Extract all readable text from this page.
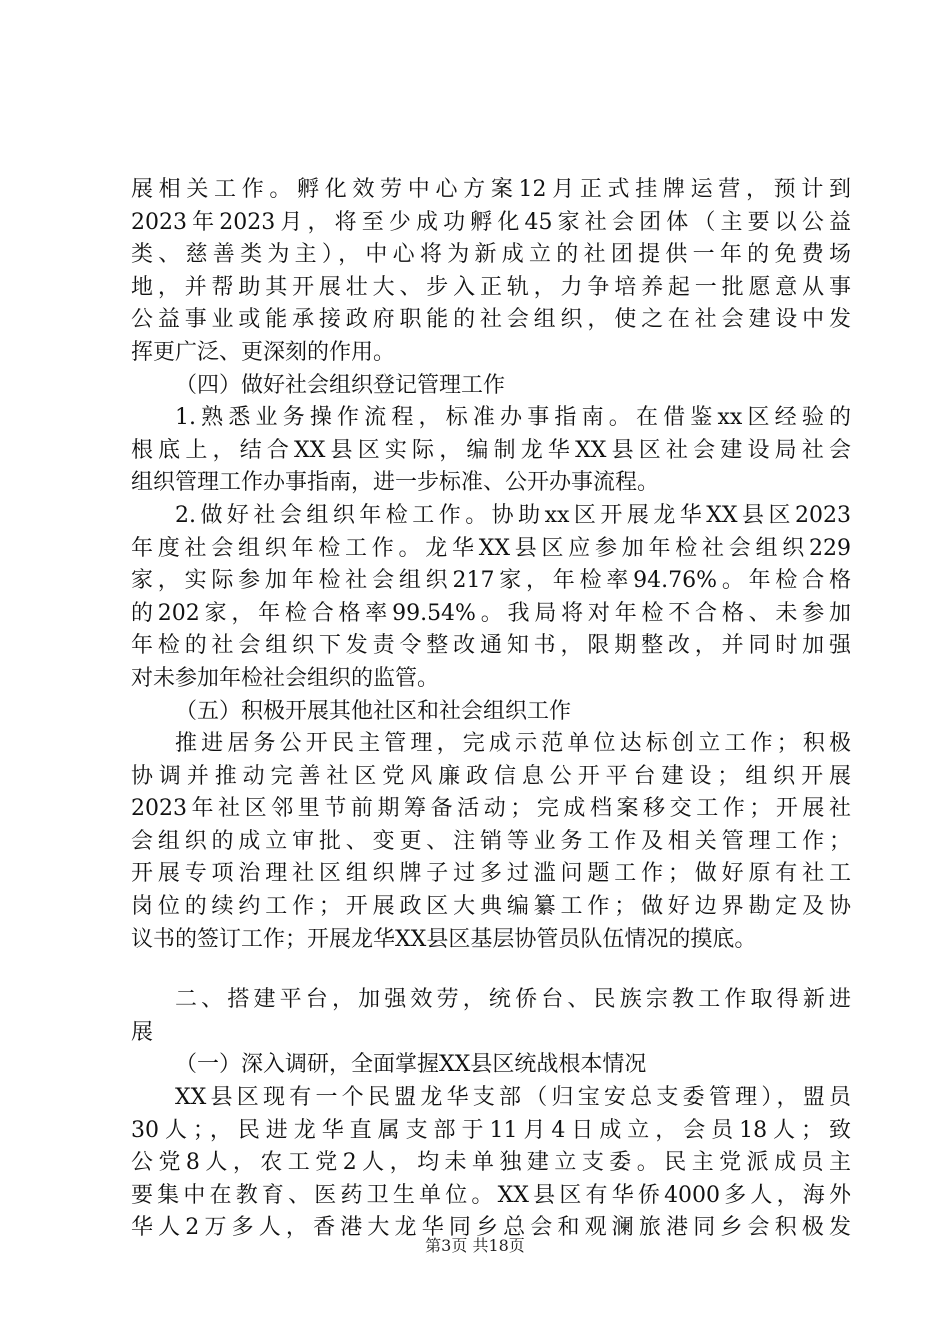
展相关工作。孵化效劳中心方案12月正式挂牌运营，预计到
2023年2023月，将至少成功孵化45家社会团体（主要以公益
类、慈善类为主），中心将为新成立的社团提供一年的免费场
地，并帮助其开展壮大、步入正轨，力争培养起一批愿意从事
公益事业或能承接政府职能的社会组织，使之在社会建设中发
挥更广泛、更深刻的作用。
（四）做好社会组织登记管理工作
1.熟悉业务操作流程，标准办事指南。在借鉴xx区经验的
根底上，结合XX县区实际，编制龙华XX县区社会建设局社会
组织管理工作办事指南，进一步标准、公开办事流程。
2.做好社会组织年检工作。协助xx区开展龙华XX县区2023
年度社会组织年检工作。龙华XX县区应参加年检社会组织229
家，实际参加年检社会组织217家，年检率94.76%。年检合格
的202家，年检合格率99.54%。我局将对年检不合格、未参加
年检的社会组织下发责令整改通知书，限期整改，并同时加强
对未参加年检社会组织的监管。
（五）积极开展其他社区和社会组织工作
推进居务公开民主管理，完成示范单位达标创立工作；积极
协调并推动完善社区党风廉政信息公开平台建设；组织开展
2023年社区邻里节前期筹备活动；完成档案移交工作；开展社
会组织的成立审批、变更、注销等业务工作及相关管理工作；
开展专项治理社区组织牌子过多过滥问题工作；做好原有社工
岗位的续约工作；开展政区大典编纂工作；做好边界勘定及协
议书的签订工作；开展龙华XX县区基层协管员队伍情况的摸底。
二、搭建平台，加强效劳，统侨台、民族宗教工作取得新进
展
（一）深入调研，全面掌握XX县区统战根本情况
XX县区现有一个民盟龙华支部（归宝安总支委管理），盟员
30人；，民进龙华直属支部于11月4日成立，会员18人；致
公党8人，农工党2人，均未单独建立支委。民主党派成员主
要集中在教育、医药卫生单位。XX县区有华侨4000多人，海外
华人2万多人，香港大龙华同乡总会和观澜旅港同乡会积极发
第3页 共18页
